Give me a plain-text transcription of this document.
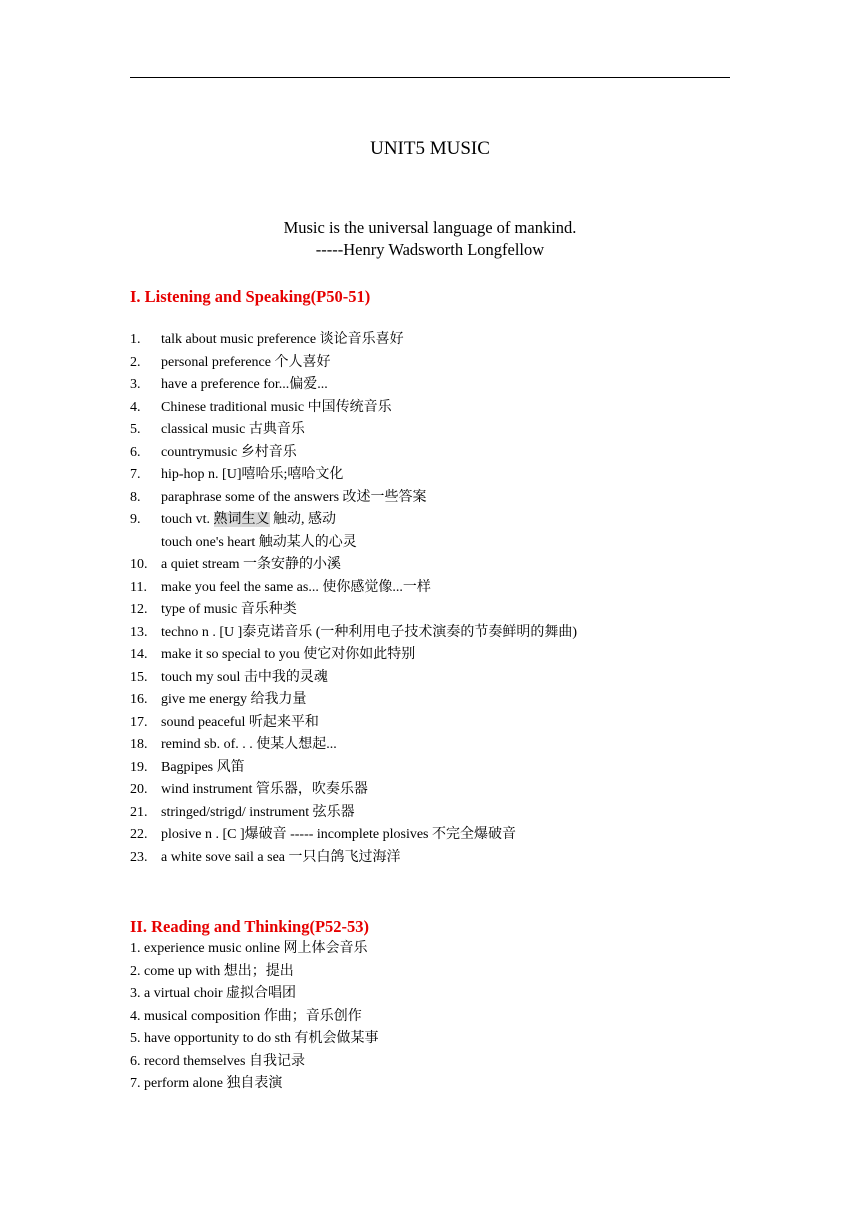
UNIT5 MUSIC
Music is the universal language of mankind.
-----Henry Wadsworth Longfellow
I. Listening and Speaking(P50-51)
1.	talk about music preference 谈论音乐喜好
2.	personal preference 个人喜好
3.	have a preference for...偏爱...
4.	Chinese traditional music 中国传统音乐
5.	classical music 古典音乐
6.	countrymusic 乡村音乐
7.	hip-hop n. [U]嘻哈乐;嘻哈文化
8.	paraphrase some of the answers 改述一些答案
9.	touch vt. 熟词生义 触动, 感动
touch one's heart 触动某人的心灵
10. a quiet stream 一条安静的小溪
11.	make you feel the same as... 使你感觉像...一样
12. type of music 音乐种类
13. techno n . [U ]泰克诺音乐 (一种利用电子技术演奏的节奏鲜明的舞曲)
14. make it so special to you 使它对你如此特别
15. touch my soul 击中我的灵魂
16. give me energy 给我力量
17. sound peaceful 听起来平和
18. remind sb. of. . . 使某人想起...
19. Bagpipes 风笛
20. wind instrument 管乐器，吹奏乐器
21. stringed/strigd/ instrument 弦乐器
22. plosive n . [C ]爆破音 ----- incomplete plosives 不完全爆破音
23. a white sove sail a sea 一只白鸽飞过海洋
II. Reading and Thinking(P52-53)
1. experience music online 网上体会音乐
2. come up with 想出；提出
3. a virtual choir 虚拟合唱团
4. musical composition 作曲；音乐创作
5. have opportunity to do sth 有机会做某事
6. record themselves 自我记录
7. perform alone 独自表演
